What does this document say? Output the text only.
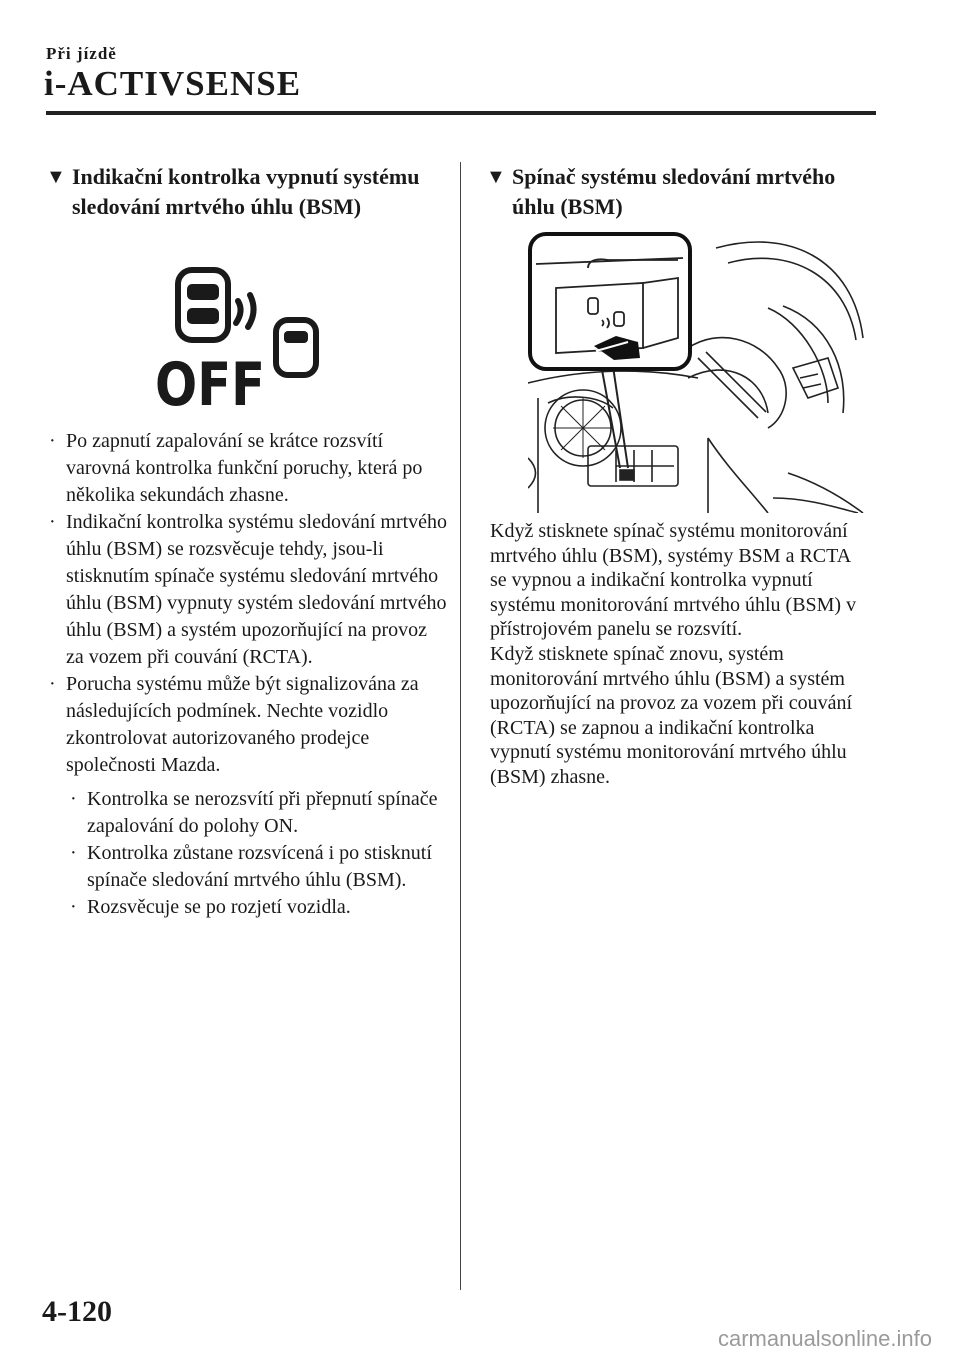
Při jízdě
i-ACTIVSENSE
▼ Indikační kontrolka vypnutí systému sledování mrtvého úhlu (BSM)
OFF

· Po zapnutí zapalování se krátce rozsvítí varovná kontrolka funkční poruchy, která po několika sekundách zhasne.

· Indikační kontrolka systému sledování mrtvého úhlu (BSM) se rozsvěcuje tehdy, jsou-li stisknutím spínače systému sledování mrtvého úhlu (BSM) vypnuty systém sledování mrtvého úhlu (BSM) a systém upozorňující na provoz za vozem při couvání (RCTA).

· Porucha systému může být signalizována za následujících podmínek. Nechte vozidlo zkontrolovat autorizovaného prodejce společnosti Mazda.

· Kontrolka se nerozsvítí při přepnutí spínače zapalování do polohy ON.

· Kontrolka zůstane rozsvícená i po stisknutí spínače sledování mrtvého úhlu (BSM).

· Rozsvěcuje se po rozjetí vozidla.

▼ Spínač systému sledování mrtvého úhlu (BSM)

Když stisknete spínač systému monitorování mrtvého úhlu (BSM), systémy BSM a RCTA se vypnou a indikační kontrolka vypnutí systému monitorování mrtvého úhlu (BSM) v přístrojovém panelu se rozsvítí.

Když stisknete spínač znovu, systém monitorování mrtvého úhlu (BSM) a systém upozorňující na provoz za vozem při couvání (RCTA) se zapnou a indikační kontrolka vypnutí systému monitorování mrtvého úhlu (BSM) zhasne.

4-120
carmanualsonline.info
